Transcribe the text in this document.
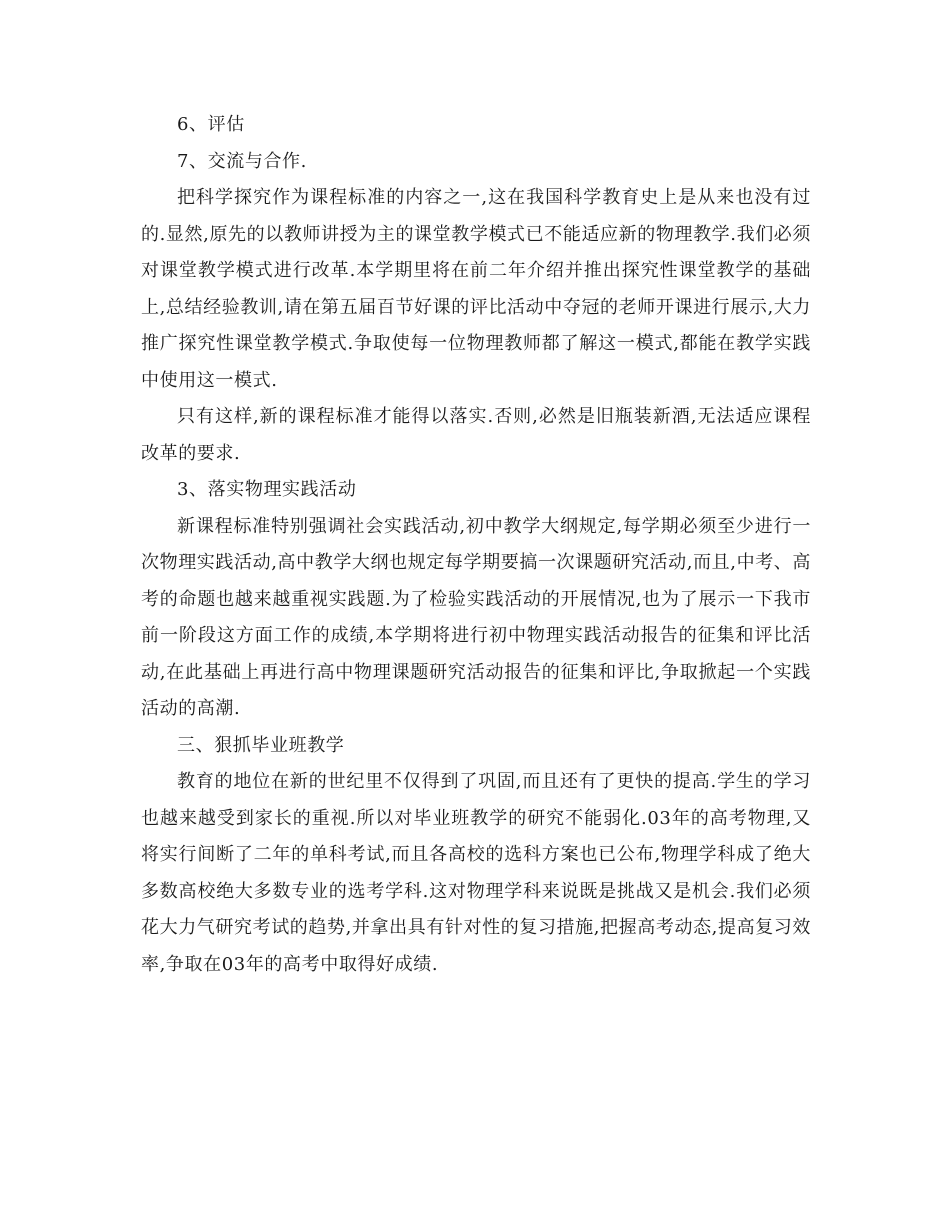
6、评估

7、交流与合作.

把科学探究作为课程标准的内容之一,这在我国科学教育史上是从来也没有过的.显然,原先的以教师讲授为主的课堂教学模式已不能适应新的物理教学.我们必须对课堂教学模式进行改革.本学期里将在前二年介绍并推出探究性课堂教学的基础上,总结经验教训,请在第五届百节好课的评比活动中夺冠的老师开课进行展示,大力推广探究性课堂教学模式.争取使每一位物理教师都了解这一模式,都能在教学实践中使用这一模式.

只有这样,新的课程标准才能得以落实.否则,必然是旧瓶装新酒,无法适应课程改革的要求.

3、落实物理实践活动

新课程标准特别强调社会实践活动,初中教学大纲规定,每学期必须至少进行一次物理实践活动,高中教学大纲也规定每学期要搞一次课题研究活动,而且,中考、高考的命题也越来越重视实践题.为了检验实践活动的开展情况,也为了展示一下我市前一阶段这方面工作的成绩,本学期将进行初中物理实践活动报告的征集和评比活动,在此基础上再进行高中物理课题研究活动报告的征集和评比,争取掀起一个实践活动的高潮.

三、狠抓毕业班教学

教育的地位在新的世纪里不仅得到了巩固,而且还有了更快的提高.学生的学习也越来越受到家长的重视.所以对毕业班教学的研究不能弱化.03年的高考物理,又将实行间断了二年的单科考试,而且各高校的选科方案也已公布,物理学科成了绝大多数高校绝大多数专业的选考学科.这对物理学科来说既是挑战又是机会.我们必须花大力气研究考试的趋势,并拿出具有针对性的复习措施,把握高考动态,提高复习效率,争取在03年的高考中取得好成绩.
